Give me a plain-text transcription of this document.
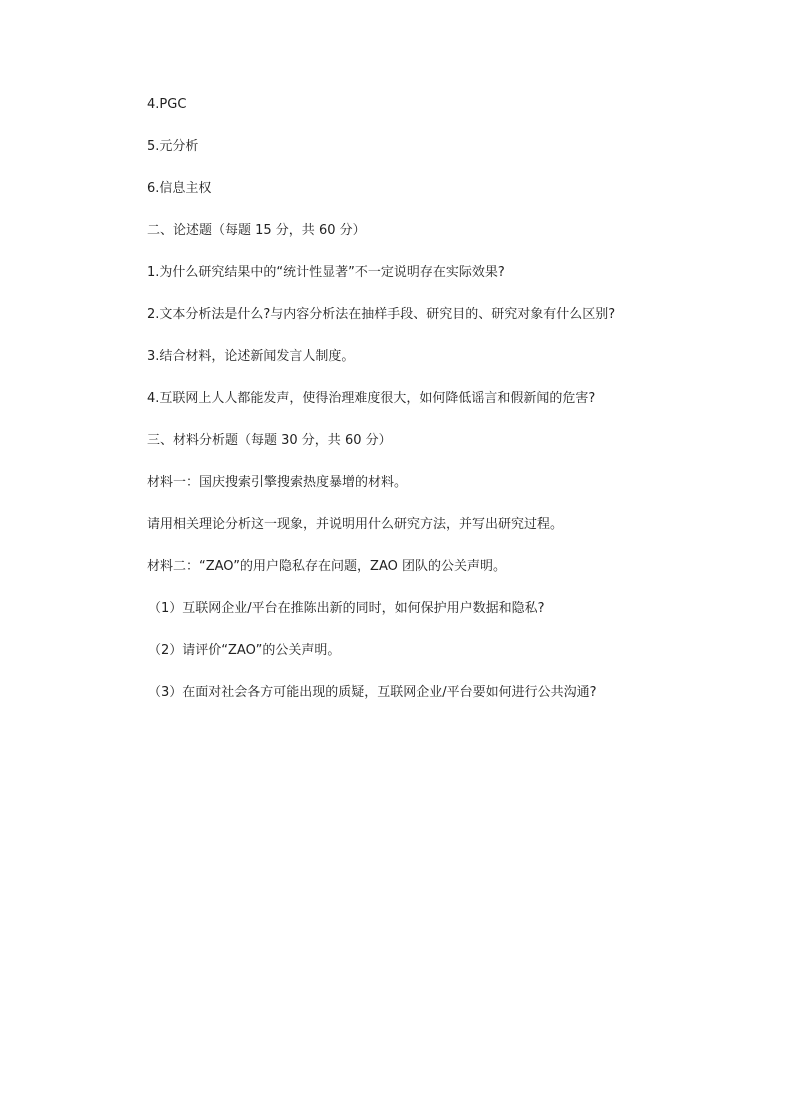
4.PGC

5.元分析

6.信息主权

二、论述题（每题 15 分，共 60 分）

1.为什么研究结果中的“统计性显著”不一定说明存在实际效果?

2.文本分析法是什么?与内容分析法在抽样手段、研究目的、研究对象有什么区别?

3.结合材料，论述新闻发言人制度。

4.互联网上人人都能发声，使得治理难度很大，如何降低谣言和假新闻的危害?

三、材料分析题（每题 30 分，共 60 分）

材料一：国庆搜索引擎搜索热度暴增的材料。

请用相关理论分析这一现象，并说明用什么研究方法，并写出研究过程。

材料二：“ZAO”的用户隐私存在问题，ZAO 团队的公关声明。

（1）互联网企业/平台在推陈出新的同时，如何保护用户数据和隐私?

（2）请评价“ZAO”的公关声明。

（3）在面对社会各方可能出现的质疑，互联网企业/平台要如何进行公共沟通?
